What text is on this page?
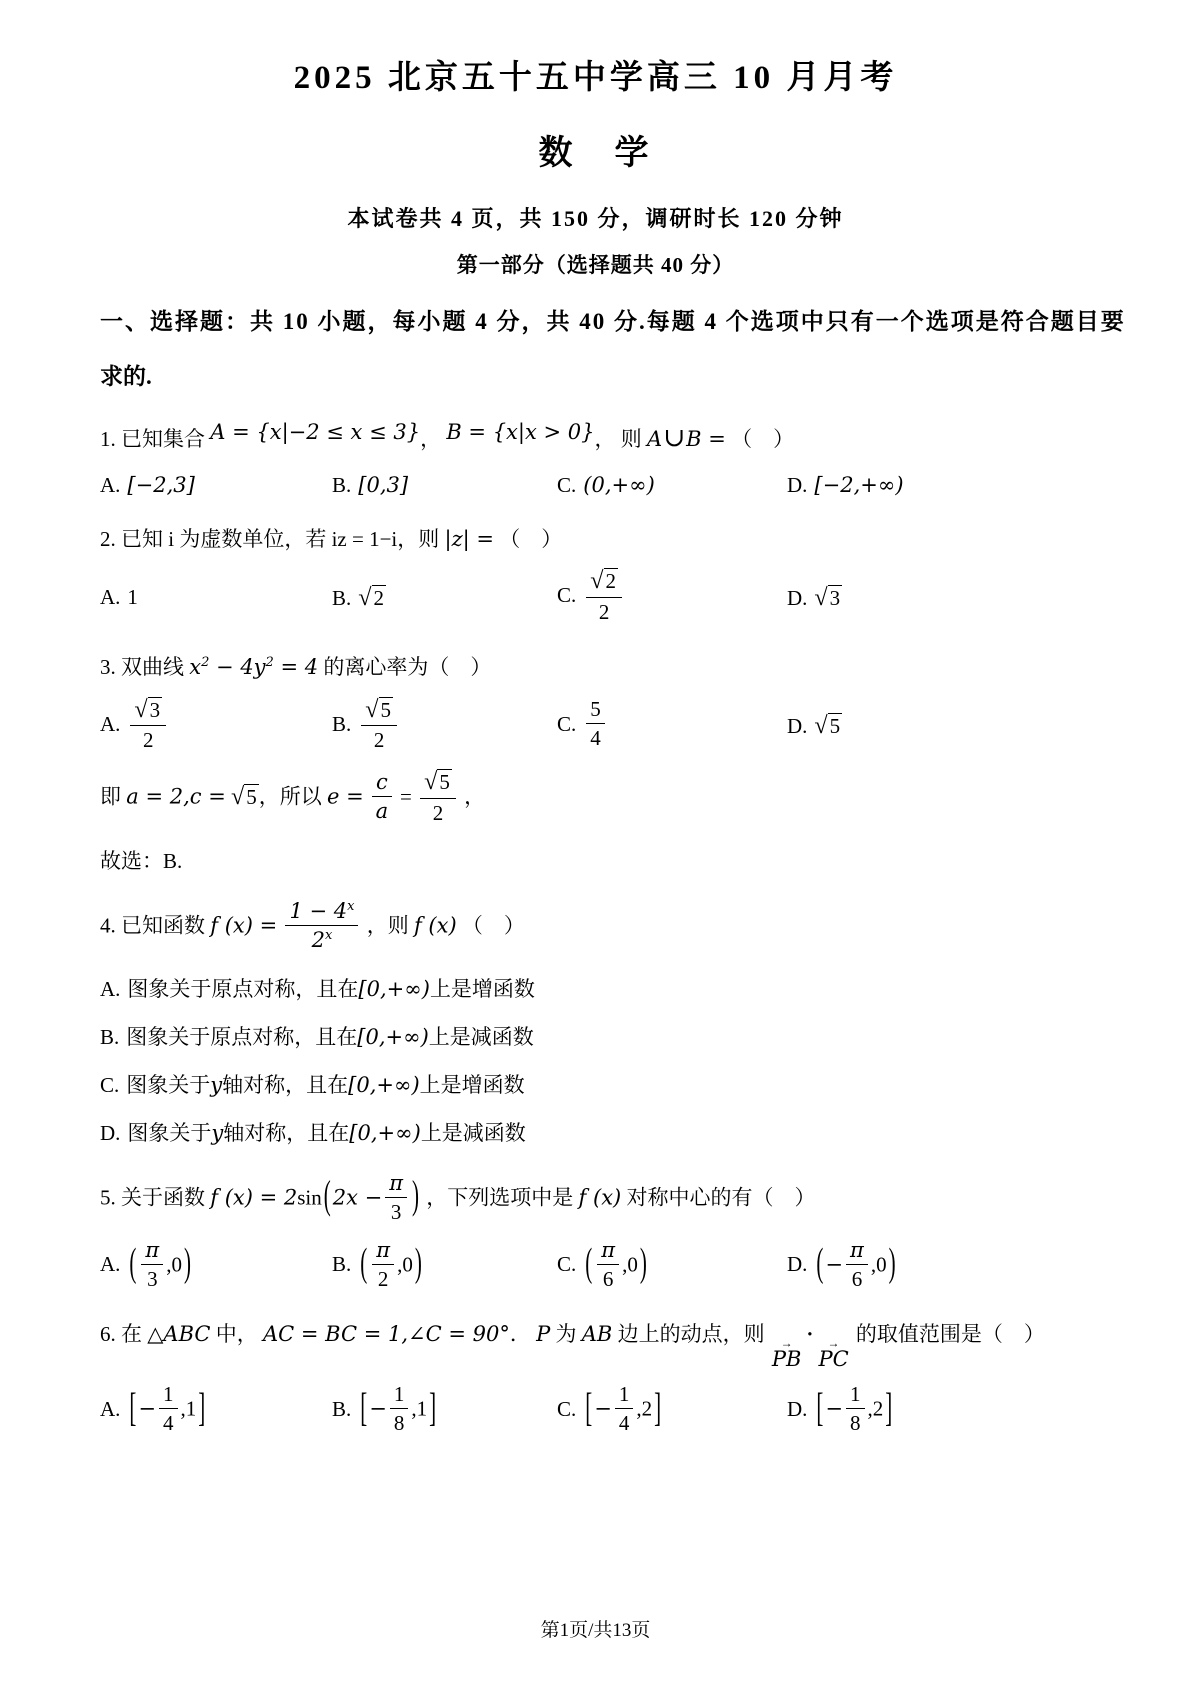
2025 北京五十五中学高三 10 月月考
数　学
本试卷共 4 页，共 150 分，调研时长 120 分钟
第一部分（选择题共 40 分）
一、选择题：共 10 小题，每小题 4 分，共 40 分.每题 4 个选项中只有一个选项是符合题目要
求的.
1. 已知集合 A = {x|−2 ≤ x ≤ 3}， B = {x|x > 0}， 则 A∪B = （　）
A. [−2,3]	B. [0,3]	C. (0,+∞)	D. [−2,+∞)
2. 已知 i 为虚数单位，若 iz = 1−i，则 |z| = （　）
A. 1	B. √2	C. $\frac{√2}{2}$	D. √3
3. 双曲线 $x^2 - 4y^2 = 4$ 的离心率为（　）
A. $\frac{√3}{2}$	B. $\frac{√5}{2}$	C. $\frac{5}{4}$	D. √5
即 a = 2,c = √5，所以 $e = \frac{c}{a} = \frac{√5}{2}$ ，
故选：B.
4. 已知函数 f $(x) = \frac{1 - 4^x}{2^x}$ ，则 f (x) （　）
A. 图象关于原点对称，且在[0,+∞)上是增函数
B. 图象关于原点对称，且在[0,+∞)上是减函数
C. 图象关于y轴对称，且在[0,+∞)上是增函数
D. 图象关于y轴对称，且在[0,+∞)上是减函数
5. 关于函数 f $(x) = 2\sin(2x - \frac{\pi}{3}$ ) ，下列选项中是 f (x) 对称中心的有（　）
A. ( $\frac{\pi}{3} ,0$)	B. ( $\frac{\pi}{2} ,0$)	C. ( $\frac{\pi}{6} ,0$)	D. (− $\frac{\pi}{6} ,0$)
6. 在 △ABC 中， AC = BC = 1,∠C = 90°． P 为 AB 边上的动点，则 →
PB
· →
PC
的取值范围是（　）
A. [− $\frac{1}{4} ,1$]	B. [− $\frac{1}{8} ,1$]	C. [− $\frac{1}{4} ,2$]	D. [− $\frac{1}{8} ,2$]
第1页/共13页
